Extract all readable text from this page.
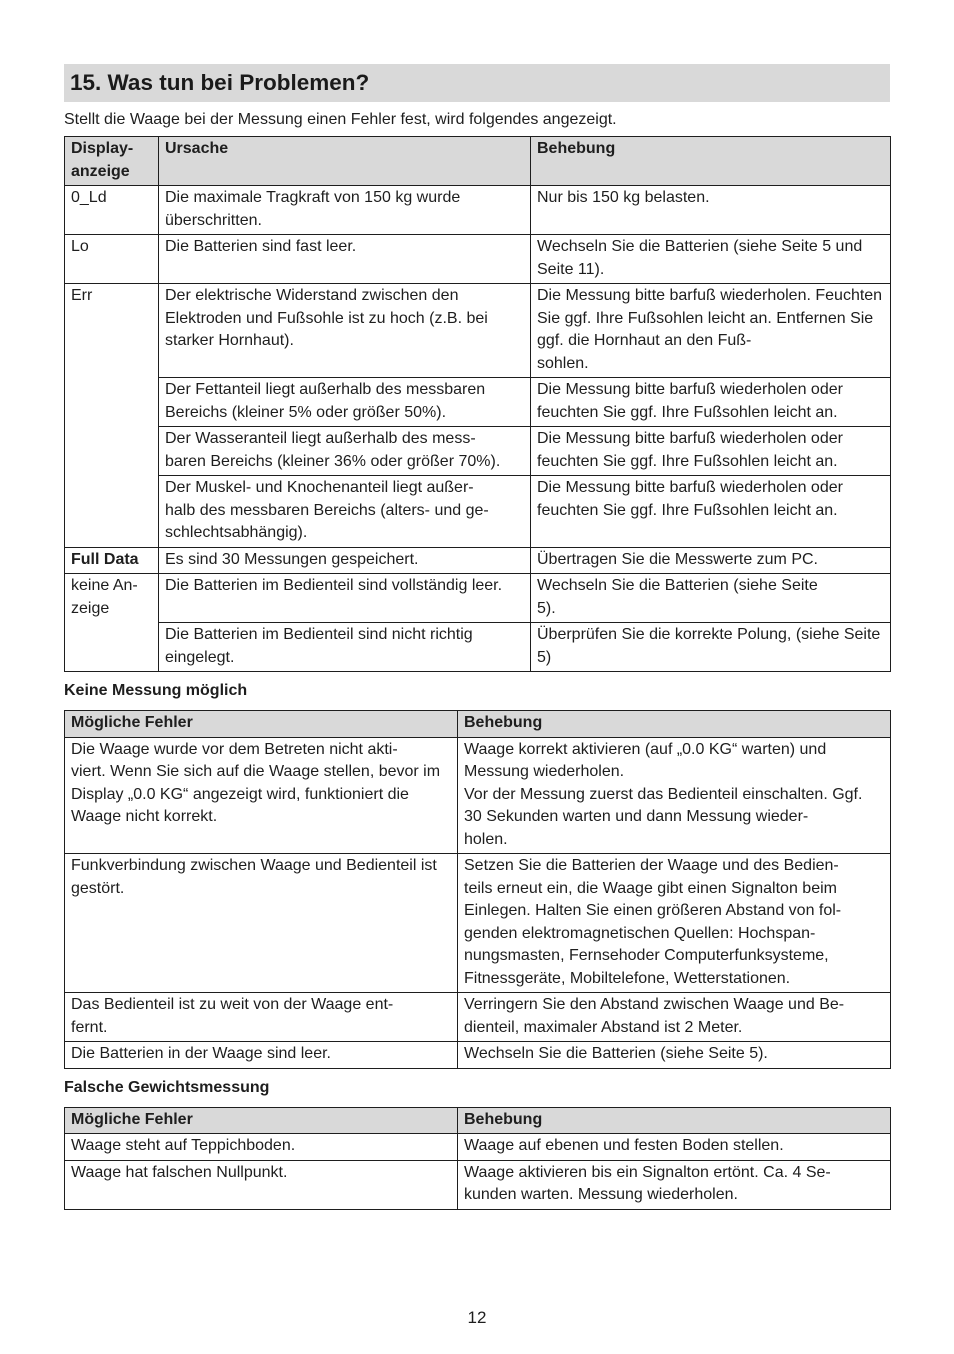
15. Was tun bei Problemen?
Stellt die Waage bei der Messung einen Fehler fest, wird folgendes angezeigt.
Display-
anzeige	Ursache	Behebung
0_Ld	Die maximale Tragkraft von 150 kg wurde überschritten.	Nur bis 150 kg belasten.
Lo	Die Batterien sind fast leer.	Wechseln Sie die Batterien (siehe Seite 5 und Seite 11).
Err	Der elektrische Widerstand zwischen den Elektroden und Fußsohle ist zu hoch (z.B. bei starker Hornhaut).	Die Messung bitte barfuß wiederholen. Feuchten Sie ggf. Ihre Fußsohlen leicht an. Entfernen Sie ggf. die Hornhaut an den Fuß-
sohlen.
	Der Fettanteil liegt außerhalb des messbaren Bereichs (kleiner 5% oder größer 50%).	Die Messung bitte barfuß wiederholen oder feuchten Sie ggf. Ihre Fußsohlen leicht an.
	Der Wasseranteil liegt außerhalb des mess-
baren Bereichs (kleiner 36% oder größer 70%).	Die Messung bitte barfuß wiederholen oder feuchten Sie ggf. Ihre Fußsohlen leicht an.
	Der Muskel- und Knochenanteil liegt außer-
halb des messbaren Bereichs (alters- und ge-
schlechtsabhängig).	Die Messung bitte barfuß wiederholen oder feuchten Sie ggf. Ihre Fußsohlen leicht an.
Full Data	Es sind 30 Messungen gespeichert.	Übertragen Sie die Messwerte zum PC.
keine An-
zeige	Die Batterien im Bedienteil sind vollständig leer.	Wechseln Sie die Batterien (siehe Seite
5).
	Die Batterien im Bedienteil sind nicht richtig eingelegt.	Überprüfen Sie die korrekte Polung, (siehe Seite 5)
Keine Messung möglich
Mögliche Fehler	Behebung
Die Waage wurde vor dem Betreten nicht akti-
viert. Wenn Sie sich auf die Waage stellen, bevor im Display „0.0 KG“ angezeigt wird, funktioniert die Waage nicht korrekt.	Waage korrekt aktivieren (auf „0.0 KG“ warten) und Messung wiederholen.
Vor der Messung zuerst das Bedienteil einschalten. Ggf. 30 Sekunden warten und dann Messung wieder-
holen.
Funkverbindung zwischen Waage und Bedienteil ist gestört.	Setzen Sie die Batterien der Waage und des Bedien-
teils erneut ein, die Waage gibt einen Signalton beim Einlegen. Halten Sie einen größeren Abstand von fol-
genden elektromagnetischen Quellen: Hochspan-
nungsmasten, Fernsehoder Computerfunksysteme, Fitnessgeräte, Mobiltelefone, Wetterstationen.
Das Bedienteil ist zu weit von der Waage ent-
fernt.	Verringern Sie den Abstand zwischen Waage und Be-
dienteil, maximaler Abstand ist 2 Meter.
Die Batterien in der Waage sind leer.	Wechseln Sie die Batterien (siehe Seite 5).
Falsche Gewichtsmessung
Mögliche Fehler	Behebung
Waage steht auf Teppichboden.	Waage auf ebenen und festen Boden stellen.
Waage hat falschen Nullpunkt.	Waage aktivieren bis ein Signalton ertönt. Ca. 4 Se-
kunden warten. Messung wiederholen.
12
